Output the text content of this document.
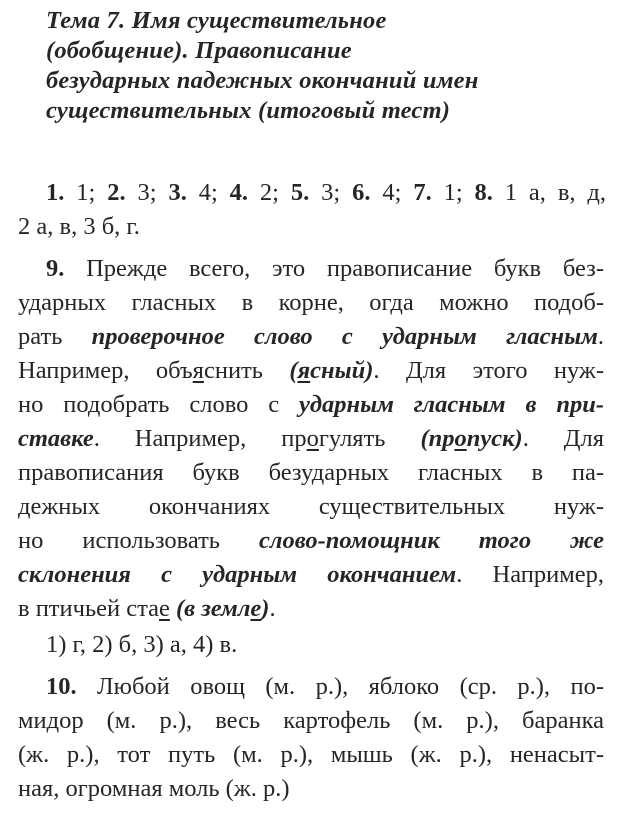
Тема 7. Имя существительное
(обобщение). Правописание
безударных падежных окончаний имен
существительных (итоговый тест)
1. 1; 2. 3; 3. 4; 4. 2; 5. 3; 6. 4; 7. 1; 8. 1 а, в, д,
2 а, в, 3 б, г.
9. Прежде всего, это правописание букв без-
ударных гласных в корне, огда можно подоб-
рать проверочное слово с ударным гласным.
Например, объяснить (ясный). Для этого нуж-
но подобрать слово с ударным гласным в при-
ставке. Например, прогулять (пропуск). Для
правописания букв безударных гласных в па-
дежных окончаниях существительных нуж-
но использовать слово-помощник того же
склонения с ударным окончанием. Например,
в птичьей стае (в земле).
1) г, 2) б, 3) а, 4) в.
10. Любой овощ (м. р.), яблоко (ср. р.), по-
мидор (м. р.), весь картофель (м. р.), баранка
(ж. р.), тот путь (м. р.), мышь (ж. р.), ненасыт-
ная, огромная моль (ж. р.)
